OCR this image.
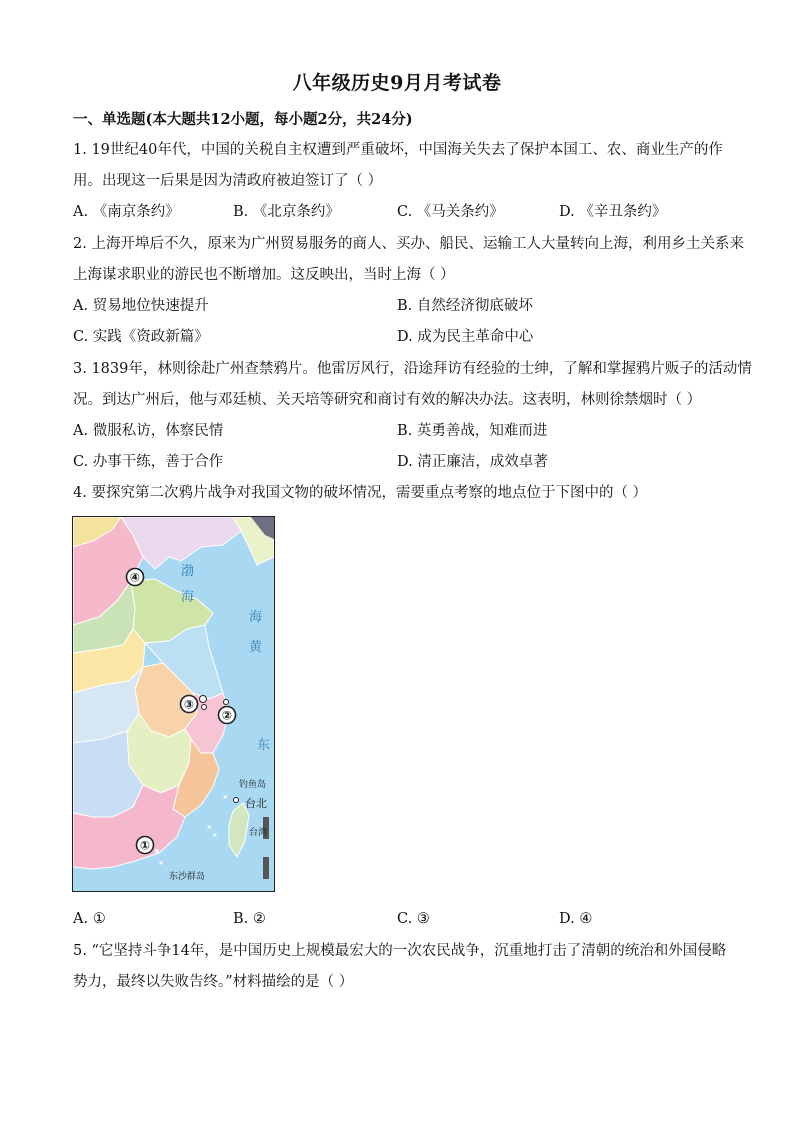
八年级历史9月月考试卷
一、单选题(本大题共12小题，每小题2分，共24分)
1. 19世纪40年代，中国的关税自主权遭到严重破坏，中国海关失去了保护本国工、农、商业生产的作
用。出现这一后果是因为清政府被迫签订了（ ）
A. 《南京条约》	B. 《北京条约》	C. 《马关条约》	D. 《辛丑条约》
2. 上海开埠后不久，原来为广州贸易服务的商人、买办、船民、运输工人大量转向上海，利用乡土关系来
上海谋求职业的游民也不断增加。这反映出，当时上海（ ）
A. 贸易地位快速提升	B. 自然经济彻底破坏
C. 实践《资政新篇》	D. 成为民主革命中心
3. 1839年，林则徐赴广州查禁鸦片。他雷厉风行，沿途拜访有经验的士绅，了解和掌握鸦片贩子的活动情
况。到达广州后，他与邓廷桢、关天培等研究和商讨有效的解决办法。这表明，林则徐禁烟时（ ）
A. 微服私访，体察民情	B. 英勇善战，知难而进
C. 办事干练，善于合作	D. 清正廉洁，成效卓著
4. 要探究第二次鸦片战争对我国文物的破坏情况，需要重点考察的地点位于下图中的（ ）
④
③
②
①
渤
海
海
黄
东
钓鱼岛
台北
台湾
东沙群岛
A. ①	B. ②	C. ③	D. ④
5. “它坚持斗争14年，是中国历史上规模最宏大的一次农民战争，沉重地打击了清朝的统治和外国侵略
势力，最终以失败告终。”材料描绘的是（ ）
